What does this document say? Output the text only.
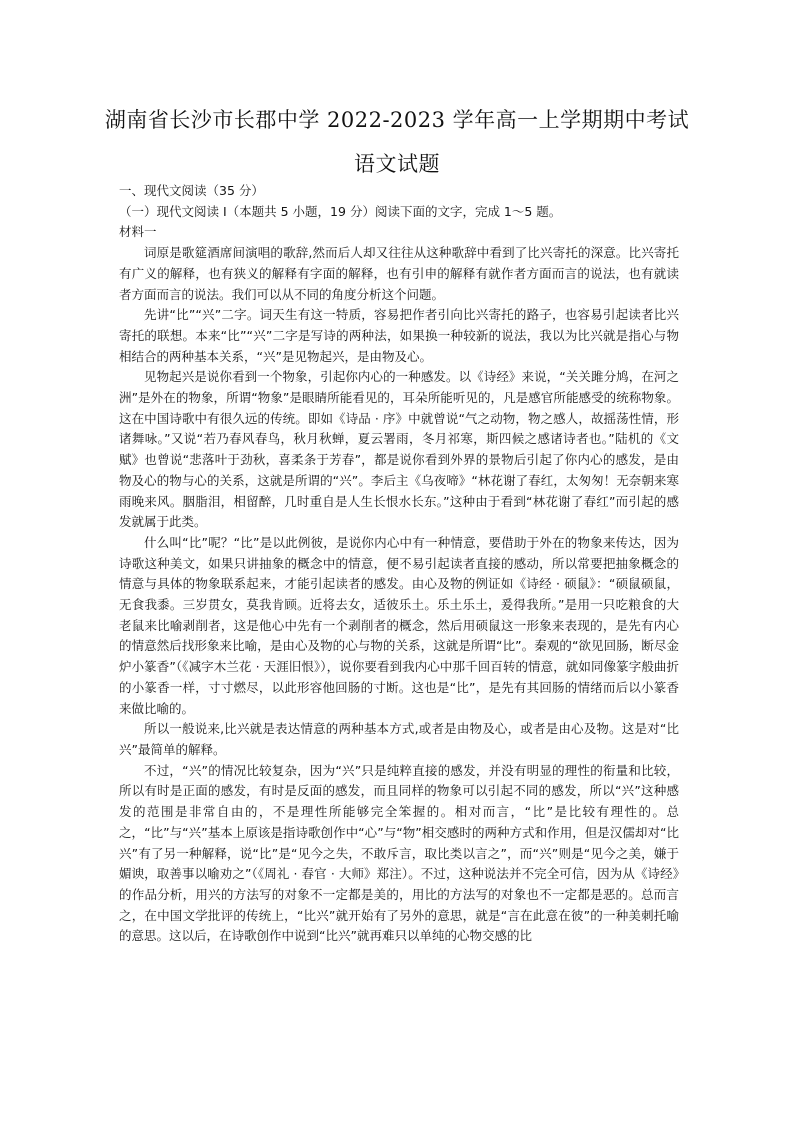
湖南省长沙市长郡中学 2022-2023 学年高一上学期期中考试
语文试题

一、现代文阅读（35 分）

（一）现代文阅读 I（本题共 5 小题，19 分）阅读下面的文字，完成 1～5 题。

材料一

词原是歌筵酒席间演唱的歌辞,然而后人却又往往从这种歌辞中看到了比兴寄托的深意。比兴寄托有广义的解释，也有狭义的解释有字面的解释，也有引申的解释有就作者方面而言的说法，也有就读者方面而言的说法。我们可以从不同的角度分析这个问题。

先讲“比”“兴”二字。词天生有这一特质，容易把作者引向比兴寄托的路子，也容易引起读者比兴寄托的联想。本来“比”“兴”二字是写诗的两种法，如果换一种较新的说法，我以为比兴就是指心与物相结合的两种基本关系，“兴”是见物起兴，是由物及心。

见物起兴是说你看到一个物象，引起你内心的一种感发。以《诗经》来说，“关关雎分鸠，在河之洲”是外在的物象，所谓“物象”是眼睛所能看见的，耳朵所能听见的，凡是感官所能感受的统称物象。这在中国诗歌中有很久远的传统。即如《诗品 · 序》中就曾说“气之动物，物之感人，故摇荡性情，形诸舞咏。”又说“若乃春风春鸟，秋月秋蝉，夏云署雨，冬月祁寒，斯四候之感诸诗者也。”陆机的《文赋》也曾说“悲落叶于劲秋，喜柔条于芳春”，都是说你看到外界的景物后引起了你内心的感发，是由物及心的物与心的关系，这就是所谓的“兴”。李后主《乌夜啼》“林花谢了春红，太匆匆！无奈朝来寒雨晚来风。胭脂泪，相留醉，几时重自是人生长恨水长东。”这种由于看到“林花谢了春红”而引起的感发就属于此类。

什么叫“比”呢？“比”是以此例彼，是说你内心中有一种情意，要借助于外在的物象来传达，因为诗歌这种美文，如果只讲抽象的概念中的情意，便不易引起读者直接的感动，所以常要把抽象概念的情意与具体的物象联系起来，才能引起读者的感发。由心及物的例证如《诗经 · 硕鼠》：“硕鼠硕鼠，无食我黍。三岁贯女，莫我肯顾。近将去女，适彼乐土。乐土乐土，爰得我所。”是用一只吃粮食的大老鼠来比喻剥削者，这是他心中先有一个剥削者的概念，然后用硕鼠这一形象来表现的，是先有内心的情意然后找形象来比喻，是由心及物的心与物的关系，这就是所谓“比”。秦观的“欲见回肠，断尽金炉小篆香”（《减字木兰花 · 天涯旧恨》），说你要看到我内心中那千回百转的情意，就如同像篆字般曲折的小篆香一样，寸寸燃尽，以此形容他回肠的寸断。这也是“比”，是先有其回肠的情绪而后以小篆香来做比喻的。

所以一般说来,比兴就是表达情意的两种基本方式,或者是由物及心，或者是由心及物。这是对“比兴”最简单的解释。

不过，“兴”的情况比较复杂，因为“兴”只是纯粹直接的感发，并没有明显的理性的衔量和比较，所以有时是正面的感发，有时是反面的感发，而且同样的物象可以引起不同的感发，所以“兴”这种感发的范围是非常自由的，不是理性所能够完全笨握的。相对而言，“比”是比较有理性的。总之，“比”与“兴”基本上原该是指诗歌创作中“心”与“物”相交感时的两种方式和作用，但是汉儒却对“比兴”有了另一种解释，说“比”是“见今之失，不敢斥言，取比类以言之”，而“兴”则是“见今之美，嫌于媚谀，取善事以喻劝之”（《周礼 · 春官 · 大师》郑注）。不过，这种说法并不完全可信，因为从《诗经》的作品分析，用兴的方法写的对象不一定都是美的，用比的方法写的对象也不一定都是恶的。总而言之，在中国文学批评的传统上，“比兴”就开始有了另外的意思，就是“言在此意在彼”的一种美刺托喻的意思。这以后，在诗歌创作中说到“比兴”就再难只以单纯的心物交感的比
